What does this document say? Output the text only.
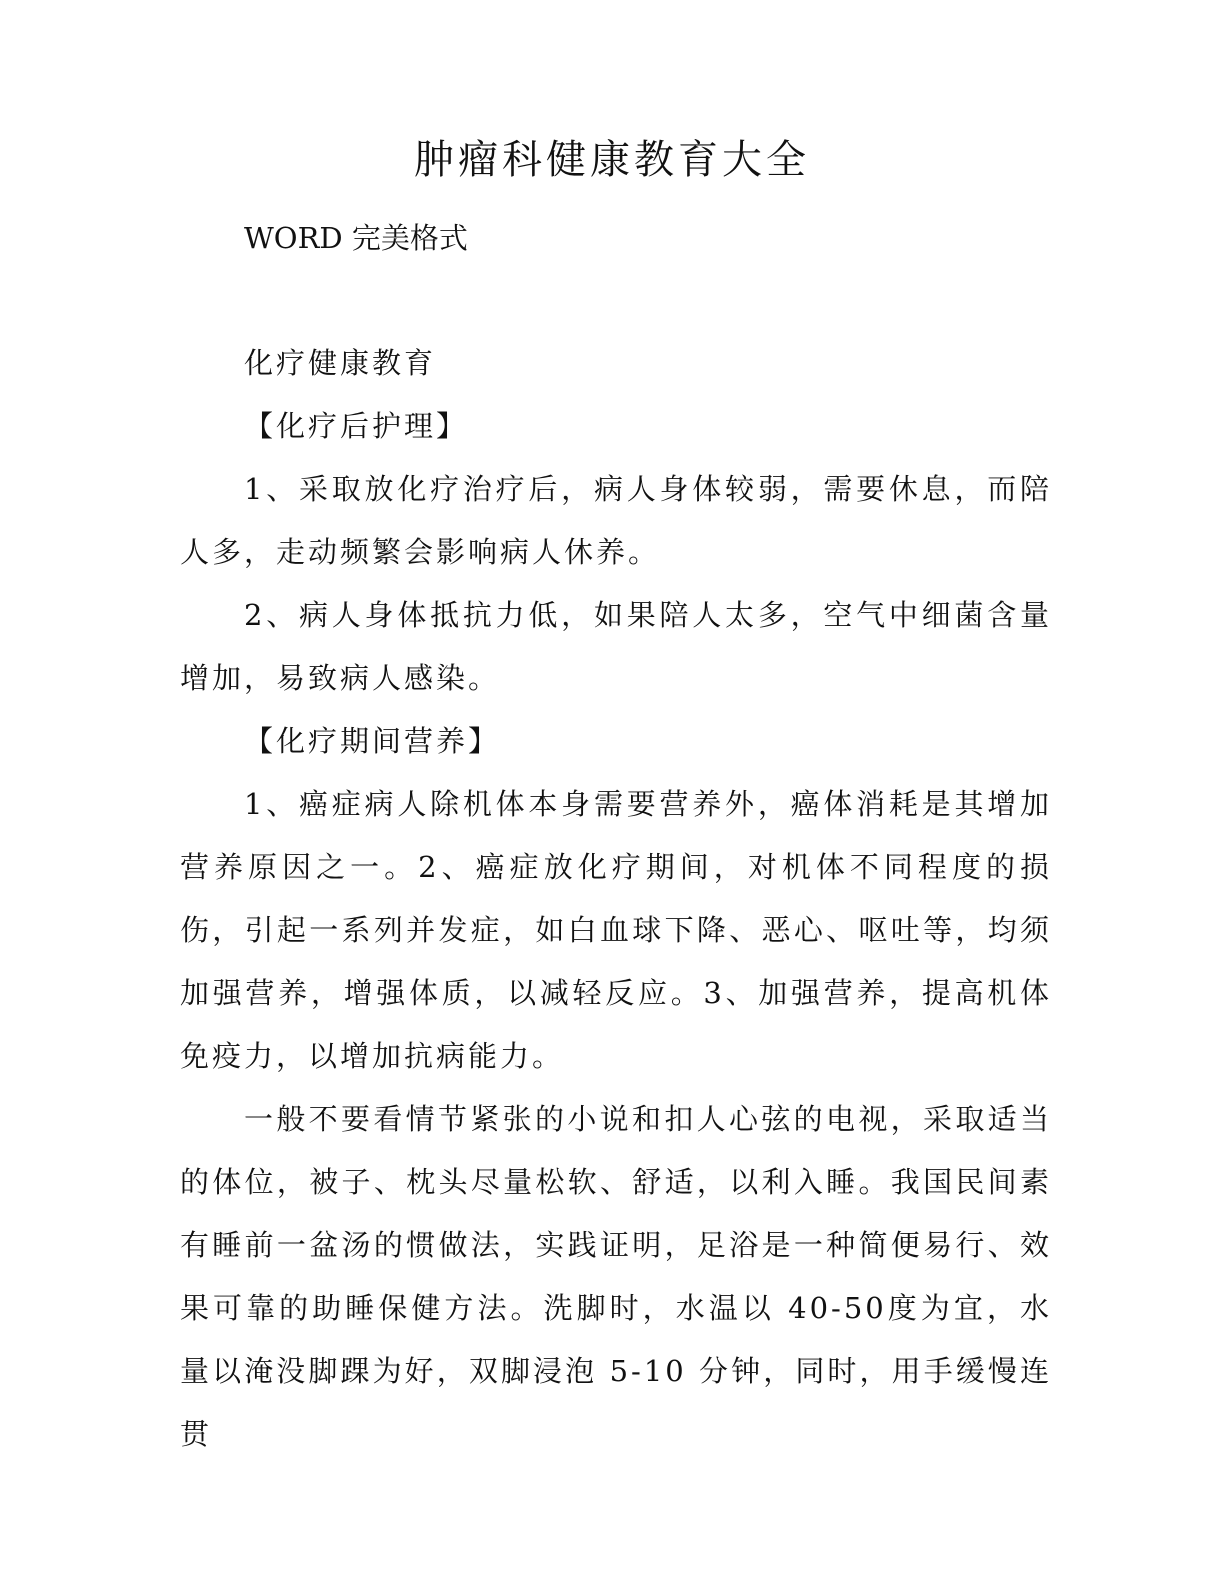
肿瘤科健康教育大全

WORD 完美格式

化疗健康教育

【化疗后护理】

1、采取放化疗治疗后，病人身体较弱，需要休息，而陪人多，走动频繁会影响病人休养。

2、病人身体抵抗力低，如果陪人太多，空气中细菌含量增加，易致病人感染。

【化疗期间营养】

1、癌症病人除机体本身需要营养外，癌体消耗是其增加营养原因之一。2、癌症放化疗期间，对机体不同程度的损伤，引起一系列并发症，如白血球下降、恶心、呕吐等，均须加强营养，增强体质，以减轻反应。3、加强营养，提高机体免疫力，以增加抗病能力。

一般不要看情节紧张的小说和扣人心弦的电视，采取适当的体位，被子、枕头尽量松软、舒适，以利入睡。我国民间素有睡前一盆汤的惯做法，实践证明，足浴是一种简便易行、效果可靠的助睡保健方法。洗脚时，水温以 40-50度为宜，水量以淹没脚踝为好，双脚浸泡 5-10 分钟，同时，用手缓慢连贯
